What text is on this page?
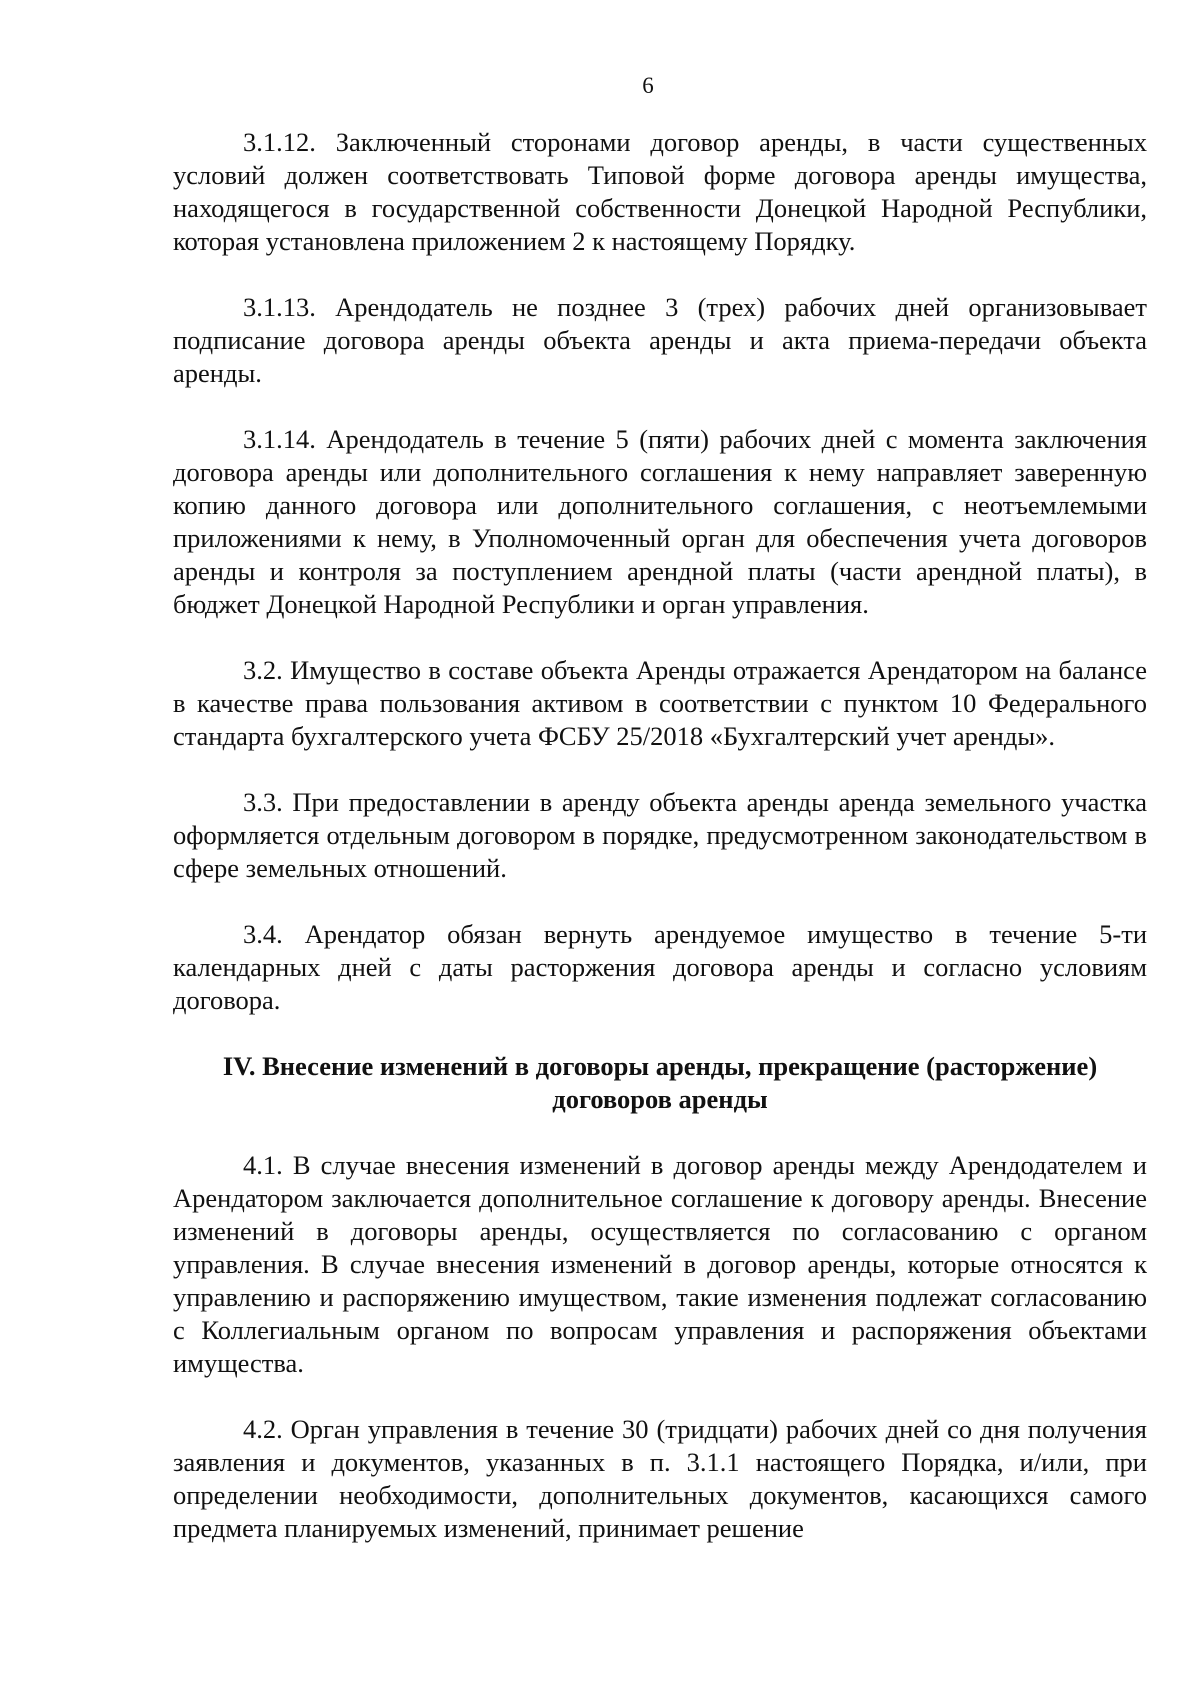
6

3.1.12. Заключенный сторонами договор аренды, в части существенных условий должен соответствовать Типовой форме договора аренды имущества, находящегося в государственной собственности Донецкой Народной Республики, которая установлена приложением 2 к настоящему Порядку.

3.1.13. Арендодатель не позднее 3 (трех) рабочих дней организовывает подписание договора аренды объекта аренды и акта приема-передачи объекта аренды.

3.1.14. Арендодатель в течение 5 (пяти) рабочих дней с момента заключения договора аренды или дополнительного соглашения к нему направляет заверенную копию данного договора или дополнительного соглашения, с неотъемлемыми приложениями к нему, в Уполномоченный орган для обеспечения учета договоров аренды и контроля за поступлением арендной платы (части арендной платы), в бюджет Донецкой Народной Республики и орган управления.

3.2. Имущество в составе объекта Аренды отражается Арендатором на балансе в качестве права пользования активом в соответствии с пунктом 10 Федерального стандарта бухгалтерского учета ФСБУ 25/2018 «Бухгалтерский учет аренды».

3.3. При предоставлении в аренду объекта аренды аренда земельного участка оформляется отдельным договором в порядке, предусмотренном законодательством в сфере земельных отношений.

3.4. Арендатор обязан вернуть арендуемое имущество в течение 5-ти календарных дней с даты расторжения договора аренды и согласно условиям договора.

IV. Внесение изменений в договоры аренды, прекращение (расторжение)
договоров аренды

4.1. В случае внесения изменений в договор аренды между Арендодателем и Арендатором заключается дополнительное соглашение к договору аренды. Внесение изменений в договоры аренды, осуществляется по согласованию с органом управления. В случае внесения изменений в договор аренды, которые относятся к управлению и распоряжению имуществом, такие изменения подлежат согласованию с Коллегиальным органом по вопросам управления и распоряжения объектами имущества.

4.2. Орган управления в течение 30 (тридцати) рабочих дней со дня получения заявления и документов, указанных в п. 3.1.1 настоящего Порядка, и/или, при определении необходимости, дополнительных документов, касающихся самого предмета планируемых изменений, принимает решение
